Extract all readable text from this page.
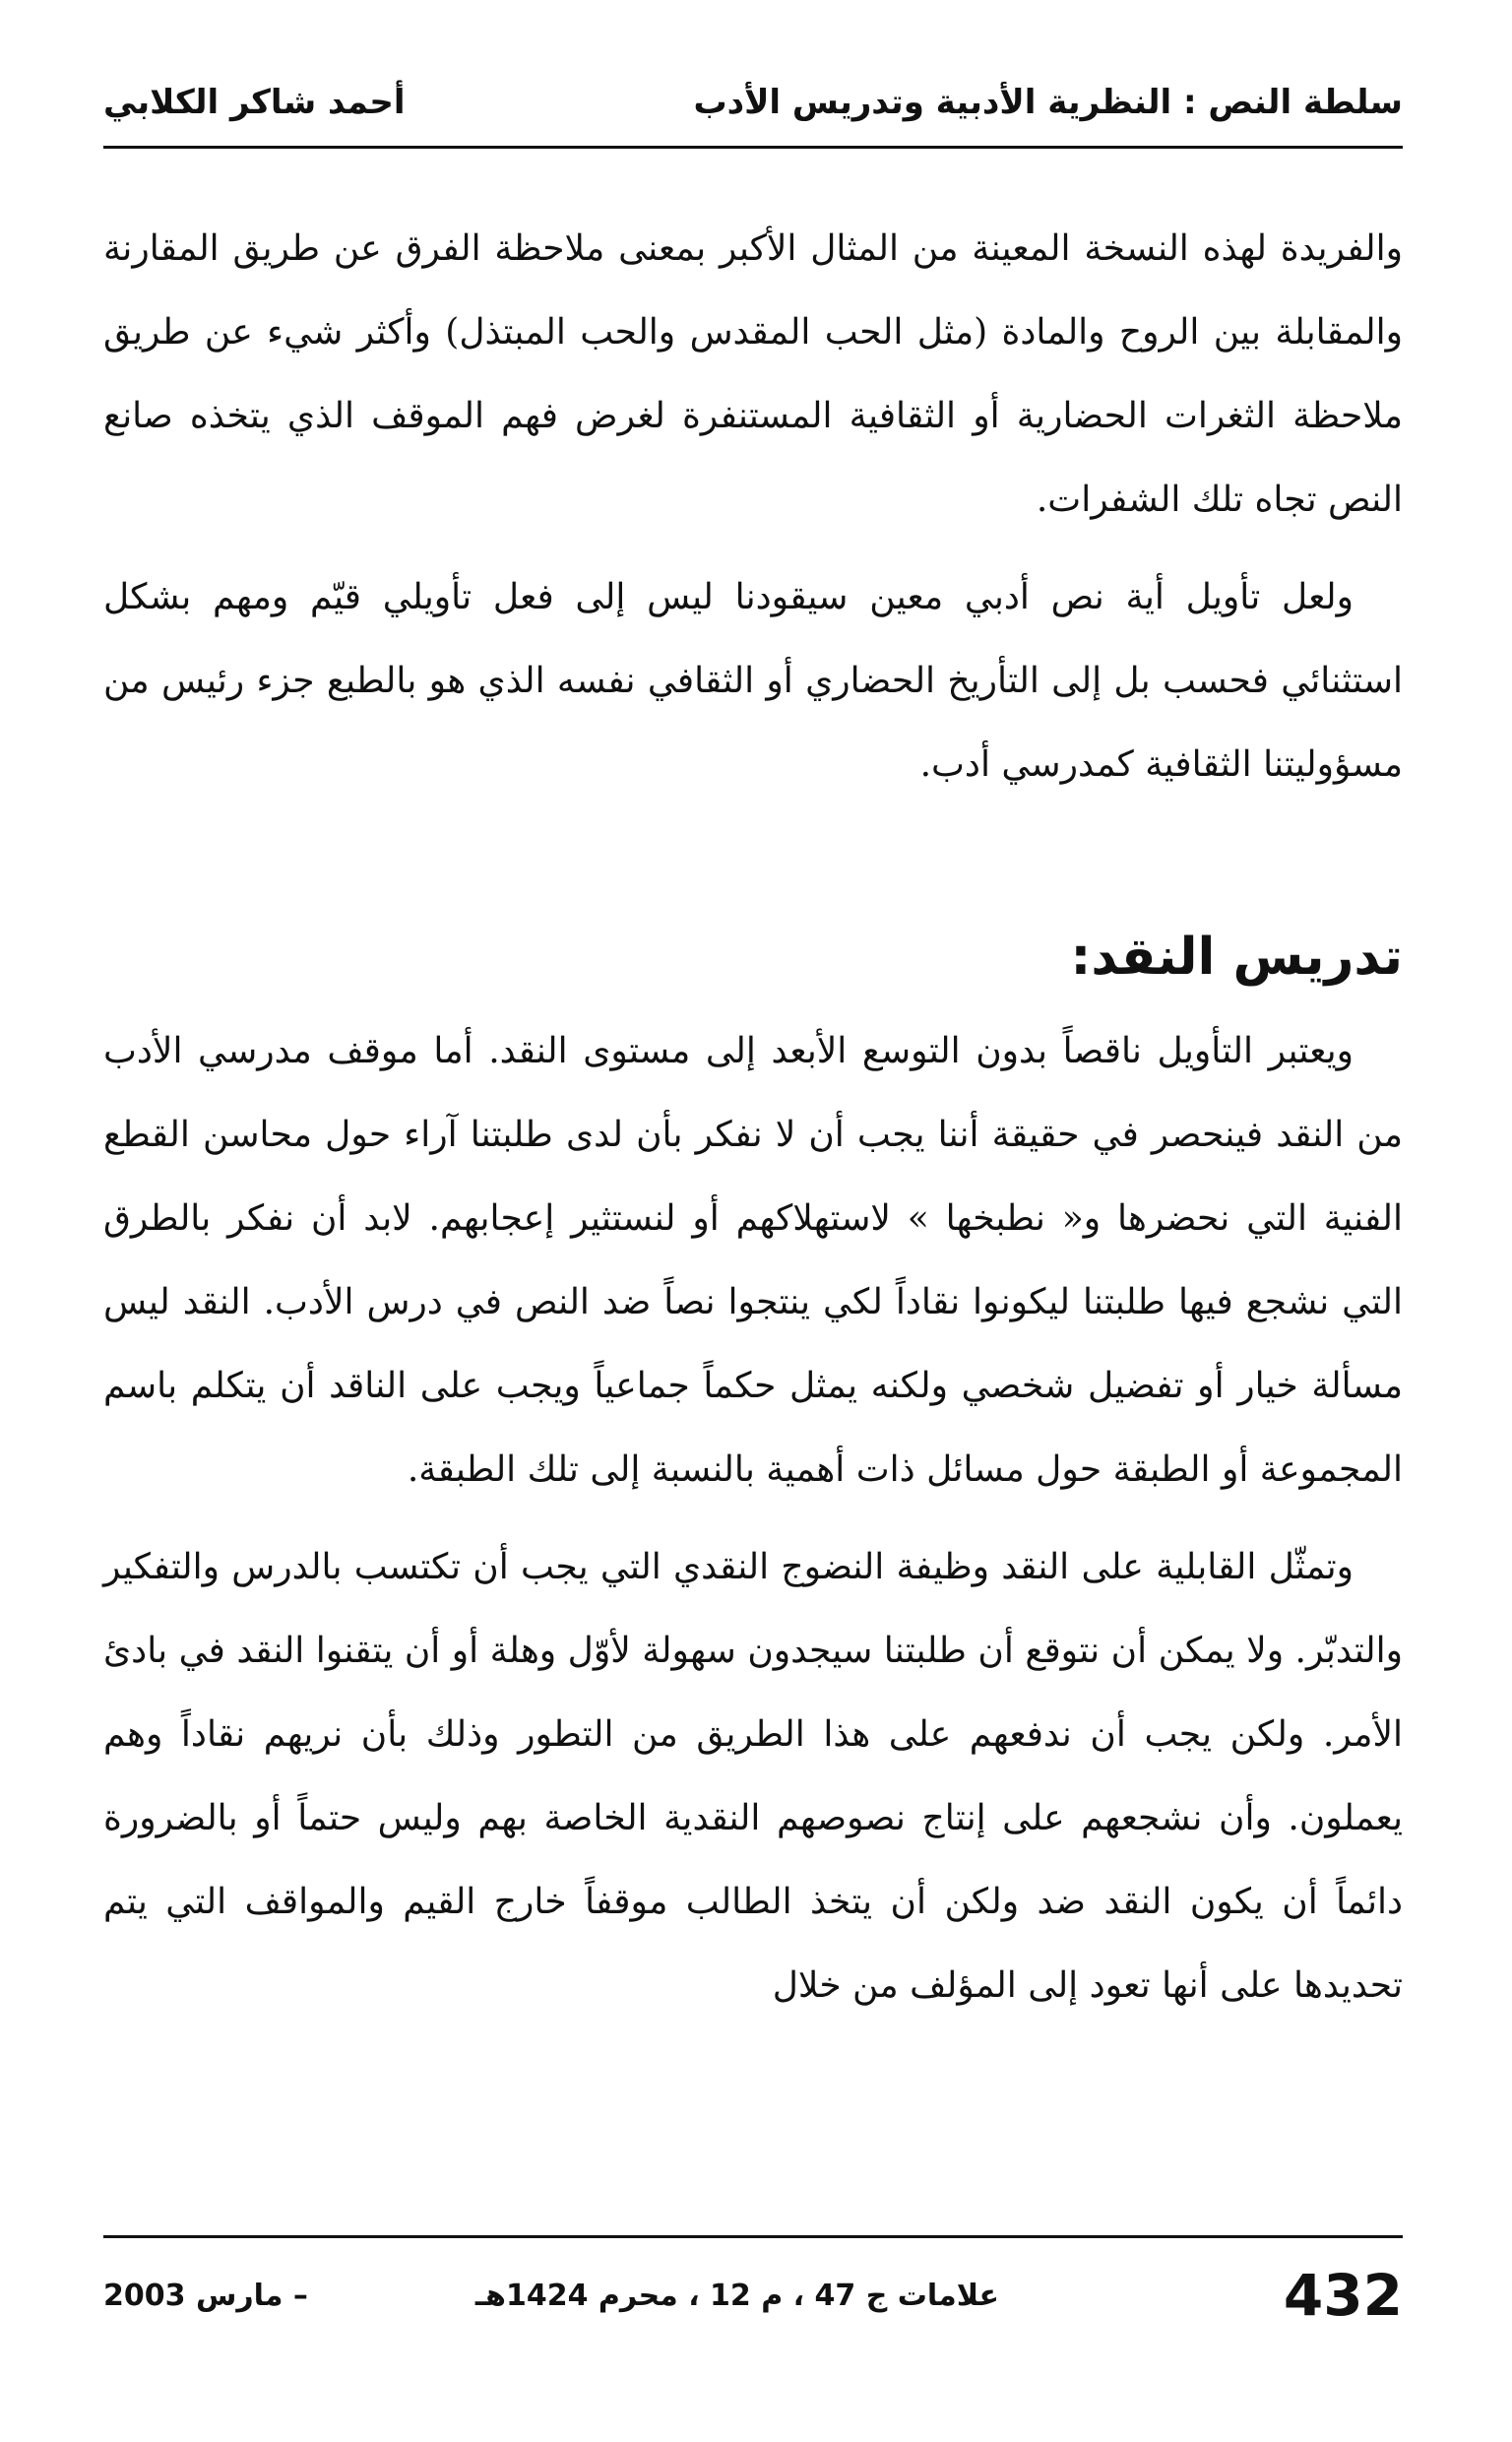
سلطة النص : النظرية الأدبية وتدريس الأدب
أحمد شاكر الكلابي

والفريدة لهذه النسخة المعينة من المثال الأكبر بمعنى ملاحظة الفرق عن طريق المقارنة والمقابلة بين الروح والمادة (مثل الحب المقدس والحب المبتذل) وأكثر شيء عن طريق ملاحظة الثغرات الحضارية أو الثقافية المستنفرة لغرض فهم الموقف الذي يتخذه صانع النص تجاه تلك الشفرات.

ولعل تأويل أية نص أدبي معين سيقودنا ليس إلى فعل تأويلي قيّم ومهم بشكل استثنائي فحسب بل إلى التأريخ الحضاري أو الثقافي نفسه الذي هو بالطبع جزء رئيس من مسؤوليتنا الثقافية كمدرسي أدب.

تدريس النقد:

ويعتبر التأويل ناقصاً بدون التوسع الأبعد إلى مستوى النقد. أما موقف مدرسي الأدب من النقد فينحصر في حقيقة أننا يجب أن لا نفكر بأن لدى طلبتنا آراء حول محاسن القطع الفنية التي نحضرها و« نطبخها » لاستهلاكهم أو لنستثير إعجابهم. لابد أن نفكر بالطرق التي نشجع فيها طلبتنا ليكونوا نقاداً لكي ينتجوا نصاً ضد النص في درس الأدب. النقد ليس مسألة خيار أو تفضيل شخصي ولكنه يمثل حكماً جماعياً ويجب على الناقد أن يتكلم باسم المجموعة أو الطبقة حول مسائل ذات أهمية بالنسبة إلى تلك الطبقة.

وتمثّل القابلية على النقد وظيفة النضوج النقدي التي يجب أن تكتسب بالدرس والتفكير والتدبّر. ولا يمكن أن نتوقع أن طلبتنا سيجدون سهولة لأوّل وهلة أو أن يتقنوا النقد في بادئ الأمر. ولكن يجب أن ندفعهم على هذا الطريق من التطور وذلك بأن نريهم نقاداً وهم يعملون. وأن نشجعهم على إنتاج نصوصهم النقدية الخاصة بهم وليس حتماً أو بالضرورة دائماً أن يكون النقد ضد ولكن أن يتخذ الطالب موقفاً خارج القيم والمواقف التي يتم تحديدها على أنها تعود إلى المؤلف من خلال

432
علامات ج 47 ، م 12 ، محرم 1424هـ
– مارس 2003
